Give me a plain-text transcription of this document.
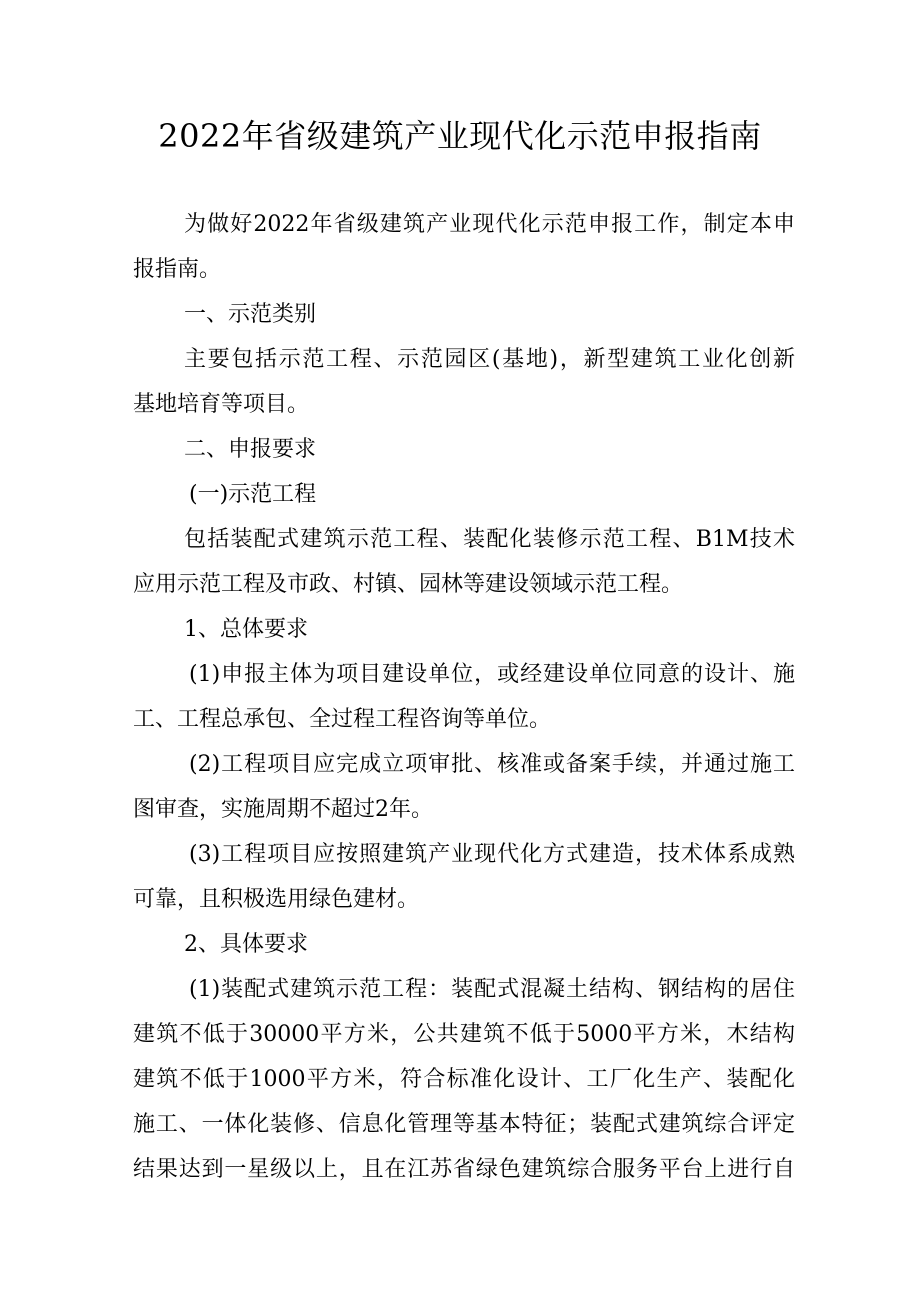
2022年省级建筑产业现代化示范申报指南

为做好2022年省级建筑产业现代化示范申报工作，制定本申
报指南。

一、示范类别

主要包括示范工程、示范园区(基地)，新型建筑工业化创新
基地培育等项目。

二、申报要求

(一)示范工程

包括装配式建筑示范工程、装配化装修示范工程、B1M技术
应用示范工程及市政、村镇、园林等建设领域示范工程。

1、总体要求

(1)申报主体为项目建设单位，或经建设单位同意的设计、施
工、工程总承包、全过程工程咨询等单位。

(2)工程项目应完成立项审批、核准或备案手续，并通过施工
图审查，实施周期不超过2年。

(3)工程项目应按照建筑产业现代化方式建造，技术体系成熟
可靠，且积极选用绿色建材。

2、具体要求

(1)装配式建筑示范工程：装配式混凝土结构、钢结构的居住
建筑不低于30000平方米，公共建筑不低于5000平方米，木结构
建筑不低于1000平方米，符合标准化设计、工厂化生产、装配化
施工、一体化装修、信息化管理等基本特征；装配式建筑综合评定
结果达到一星级以上，且在江苏省绿色建筑综合服务平台上进行自
